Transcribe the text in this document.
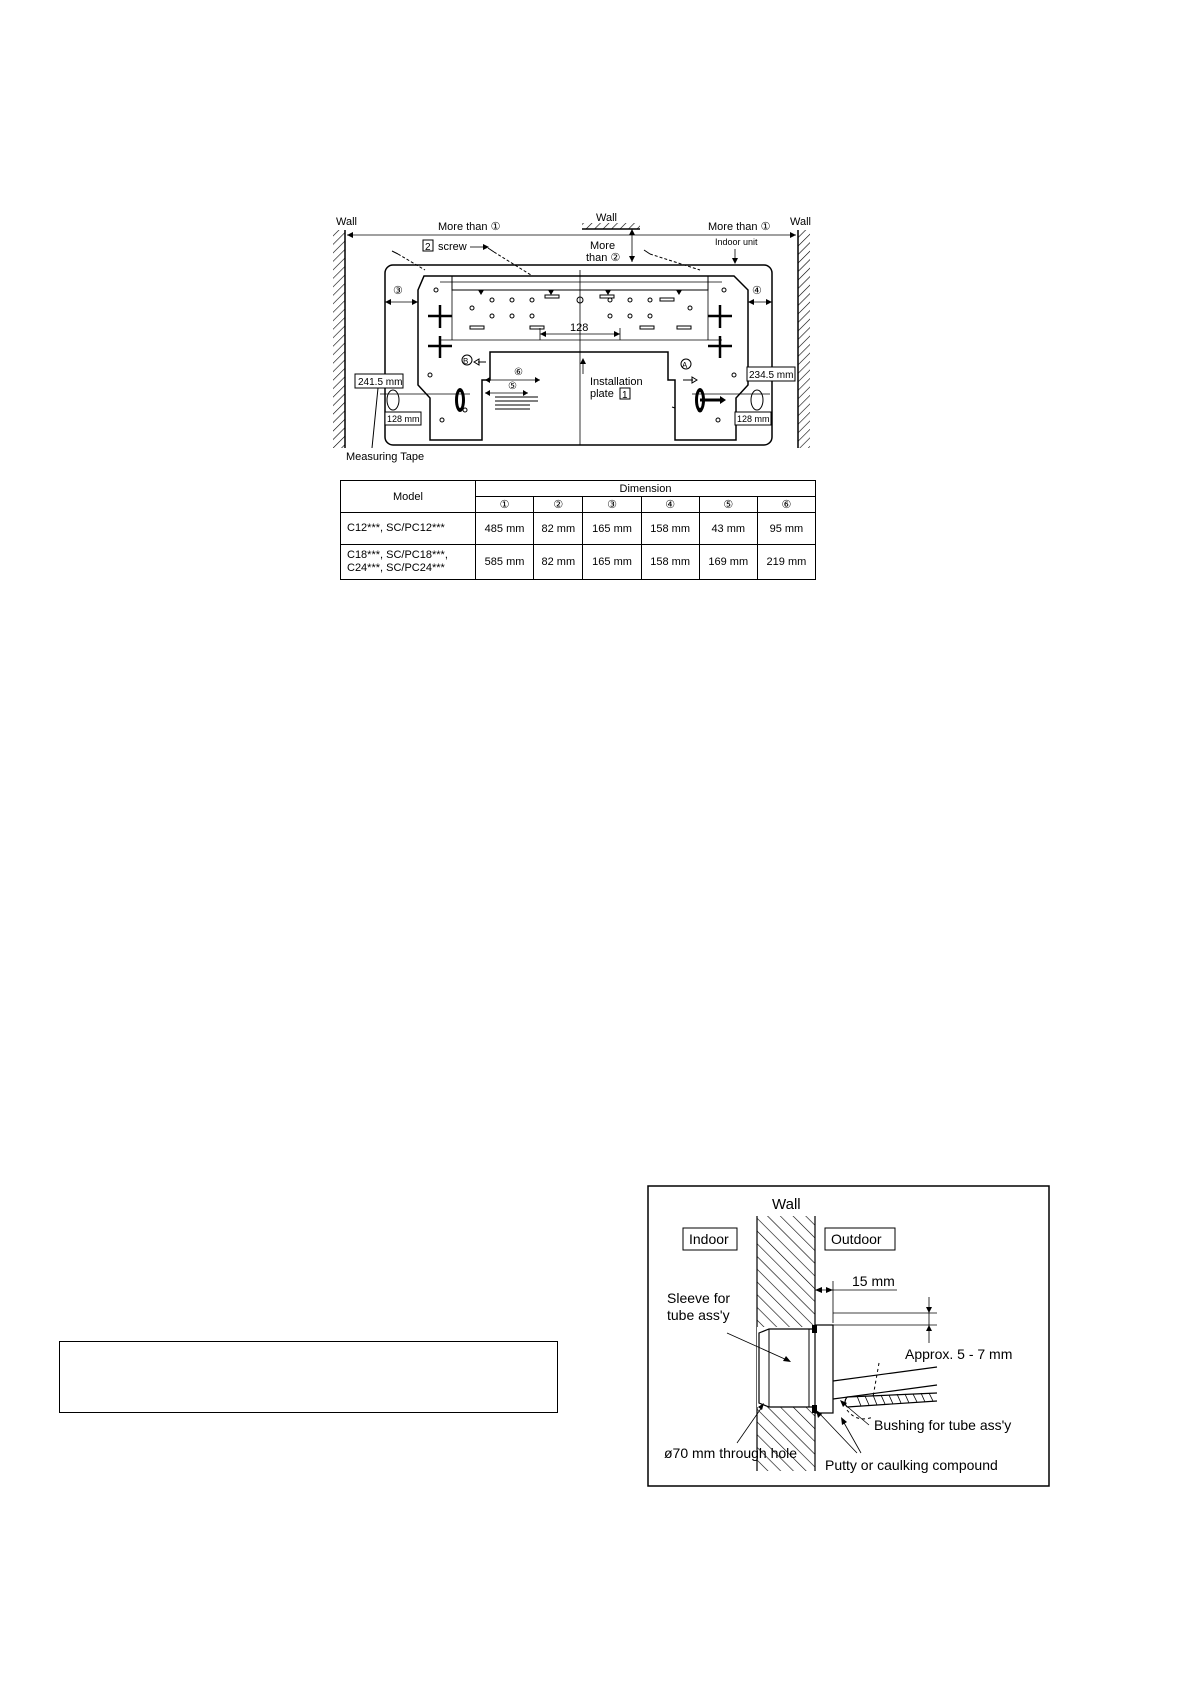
Wall	Wall	Wall
More than ①	More than ①
More
than ②
2 screw	Indoor unit
128
③	④
B	A
⑥
⑤
241.5 mm
128 mm
234.5 mm
128 mm
Installation
plate 1
Measuring Tape
Model	Dimension					
	①	②	③	④	⑤	⑥
C12***, SC/PC12***	485 mm	82 mm	165 mm	158 mm	43 mm	95 mm
C18***, SC/PC18***,
C24***, SC/PC24***	585 mm	82 mm	165 mm	158 mm	169 mm	219 mm
Wall
Indoor	Outdoor
15 mm
Approx. 5 - 7 mm
Sleeve for
tube ass'y
Bushing for tube ass'y
ø70 mm through hole
Putty or caulking compound
